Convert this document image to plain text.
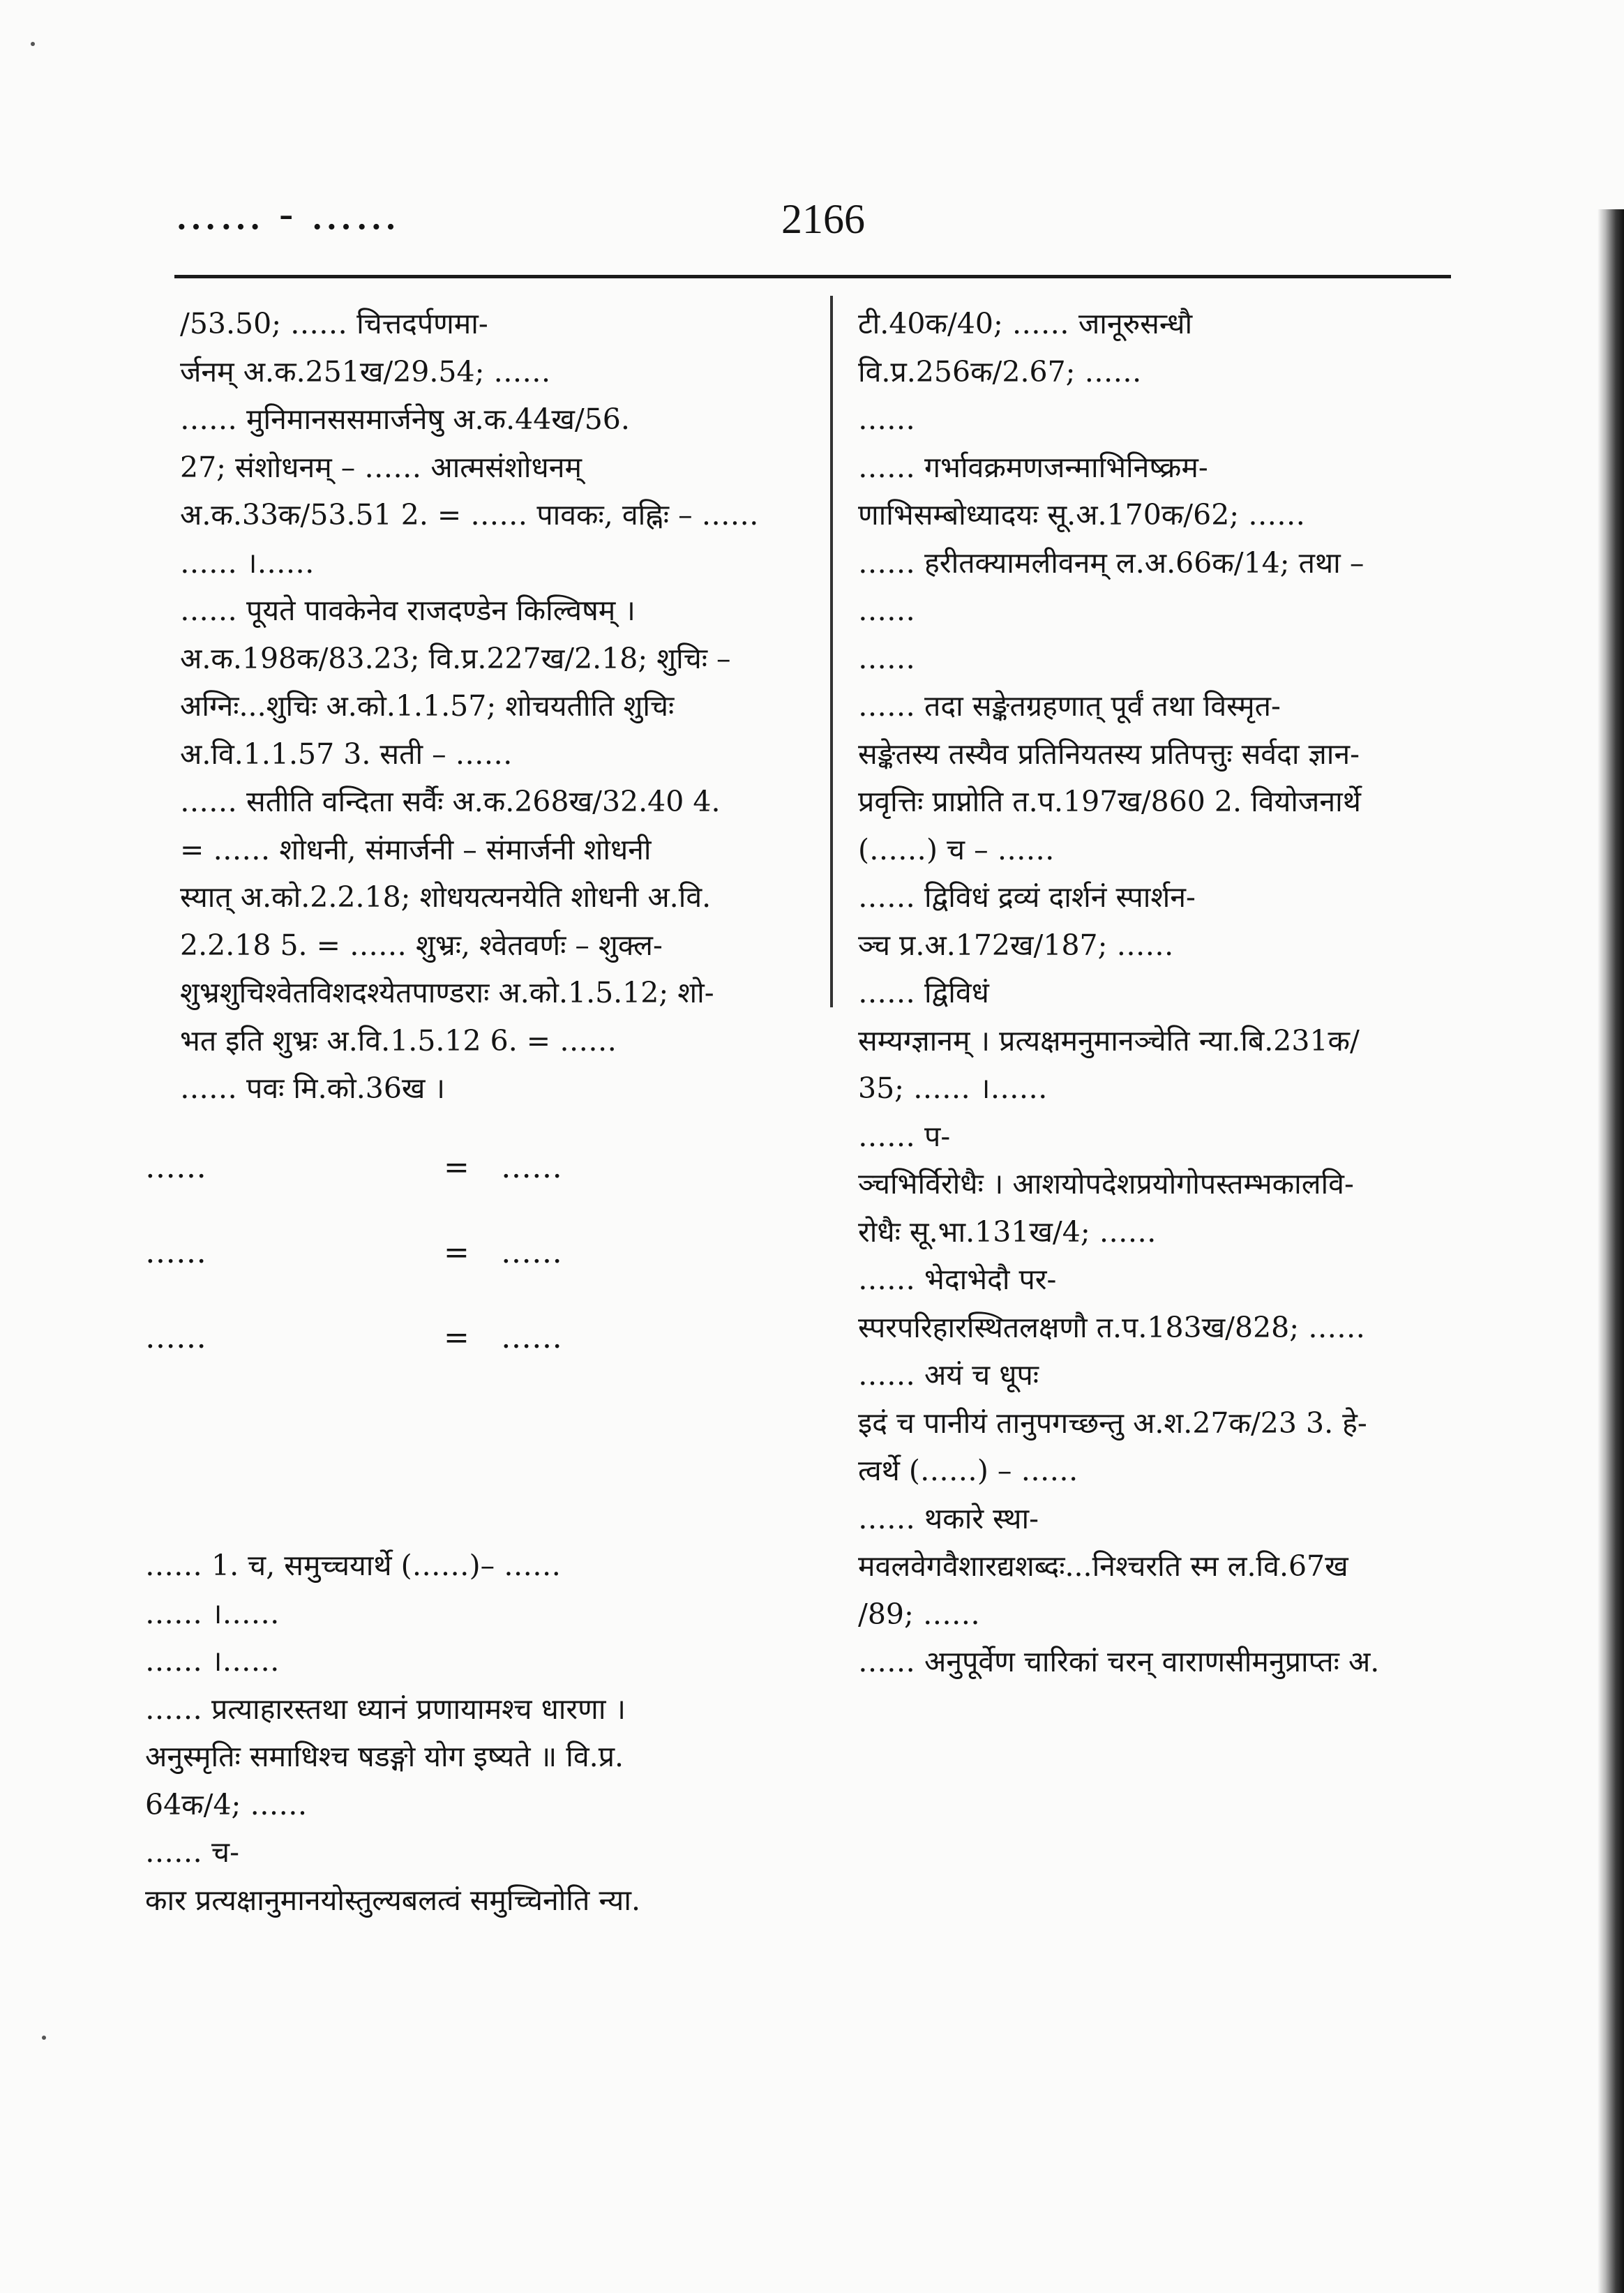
…… - ……	2166
/53.50; …… चित्तदर्पणमा-
र्जनम् अ.क.251ख/29.54; ……
…… मुनिमानससमार्जनेषु अ.क.44ख/56.
27; संशोधनम् – …… आत्मसंशोधनम्
अ.क.33क/53.51 2. = …… पावकः, वह्निः – ……
…… ।……
…… पूयते पावकेनेव राजदण्डेन किल्विषम् ।
अ.क.198क/83.23; वि.प्र.227ख/2.18; शुचिः –
अग्निः...शुचिः अ.को.1.1.57; शोचयतीति शुचिः
अ.वि.1.1.57 3. सती – ……
…… सतीति वन्दिता सर्वैः अ.क.268ख/32.40 4.
= …… शोधनी, संमार्जनी – संमार्जनी शोधनी
स्यात् अ.को.2.2.18; शोधयत्यनयेति शोधनी अ.वि.
2.2.18 5. = …… शुभ्रः, श्वेतवर्णः – शुक्ल-
शुभ्रशुचिश्वेतविशदश्येतपाण्डराः अ.को.1.5.12; शो-
भत इति शुभ्रः अ.वि.1.5.12 6. = ……
…… पवः मि.को.36ख ।
……	= ……
……	= ……
……	= ……
…… 1. च, समुच्चयार्थे (……)– ……
…… ।……
…… ।……
…… प्रत्याहारस्तथा ध्यानं प्रणायामश्च धारणा ।
अनुस्मृतिः समाधिश्च षडङ्गो योग इष्यते ॥ वि.प्र.
64क/4; ……
…… च-
कार प्रत्यक्षानुमानयोस्तुल्यबलत्वं समुच्चिनोति न्या.
टी.40क/40; …… जानूरुसन्धौ
वि.प्र.256क/2.67; ……
……
…… गर्भावक्रमणजन्माभिनिष्क्रम-
णाभिसम्बोध्यादयः सू.अ.170क/62; ……
…… हरीतक्यामलीवनम् ल.अ.66क/14; तथा –
……
……
…… तदा सङ्केतग्रहणात् पूर्वं तथा विस्मृत-
सङ्केतस्य तस्यैव प्रतिनियतस्य प्रतिपत्तुः सर्वदा ज्ञान-
प्रवृत्तिः प्राप्नोति त.प.197ख/860 2. वियोजनार्थे
(……) च – ……
…… द्विविधं द्रव्यं दार्शनं स्पार्शन-
ञ्च प्र.अ.172ख/187; ……
…… द्विविधं
सम्यग्ज्ञानम् । प्रत्यक्षमनुमानञ्चेति न्या.बि.231क/
35; …… ।……
…… प-
ञ्चभिर्विरोधैः । आशयोपदेशप्रयोगोपस्तम्भकालवि-
रोधैः सू.भा.131ख/4; ……
…… भेदाभेदौ पर-
स्परपरिहारस्थितलक्षणौ त.प.183ख/828; ……
…… अयं च धूपः
इदं च पानीयं तानुपगच्छन्तु अ.श.27क/23 3. हे-
त्वर्थे (……) – ……
…… थकारे स्था-
मवलवेगवैशारद्यशब्दः...निश्चरति स्म ल.वि.67ख
/89; ……
…… अनुपूर्वेण चारिकां चरन् वाराणसीमनुप्राप्तः अ.
